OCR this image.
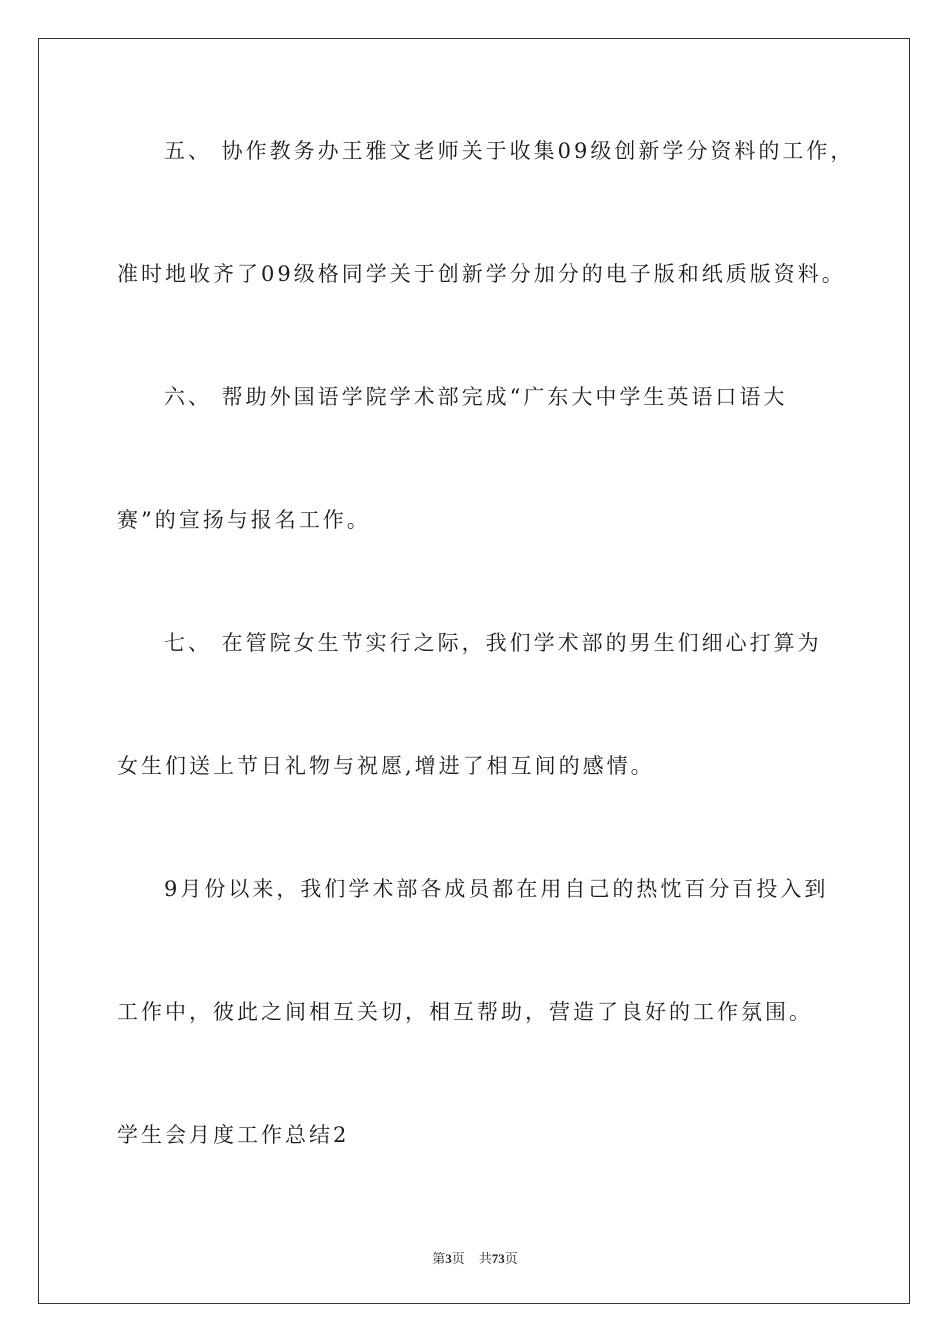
五、 协作教务办王雅文老师关于收集09级创新学分资料的工作，
准时地收齐了09级格同学关于创新学分加分的电子版和纸质版资料。
六、 帮助外国语学院学术部完成“广东大中学生英语口语大
赛”的宣扬与报名工作。
七、 在管院女生节实行之际，我们学术部的男生们细心打算为
女生们送上节日礼物与祝愿,增进了相互间的感情。
9月份以来，我们学术部各成员都在用自己的热忱百分百投入到
工作中，彼此之间相互关切，相互帮助，营造了良好的工作氛围。
学生会月度工作总结2
第3页 共73页
